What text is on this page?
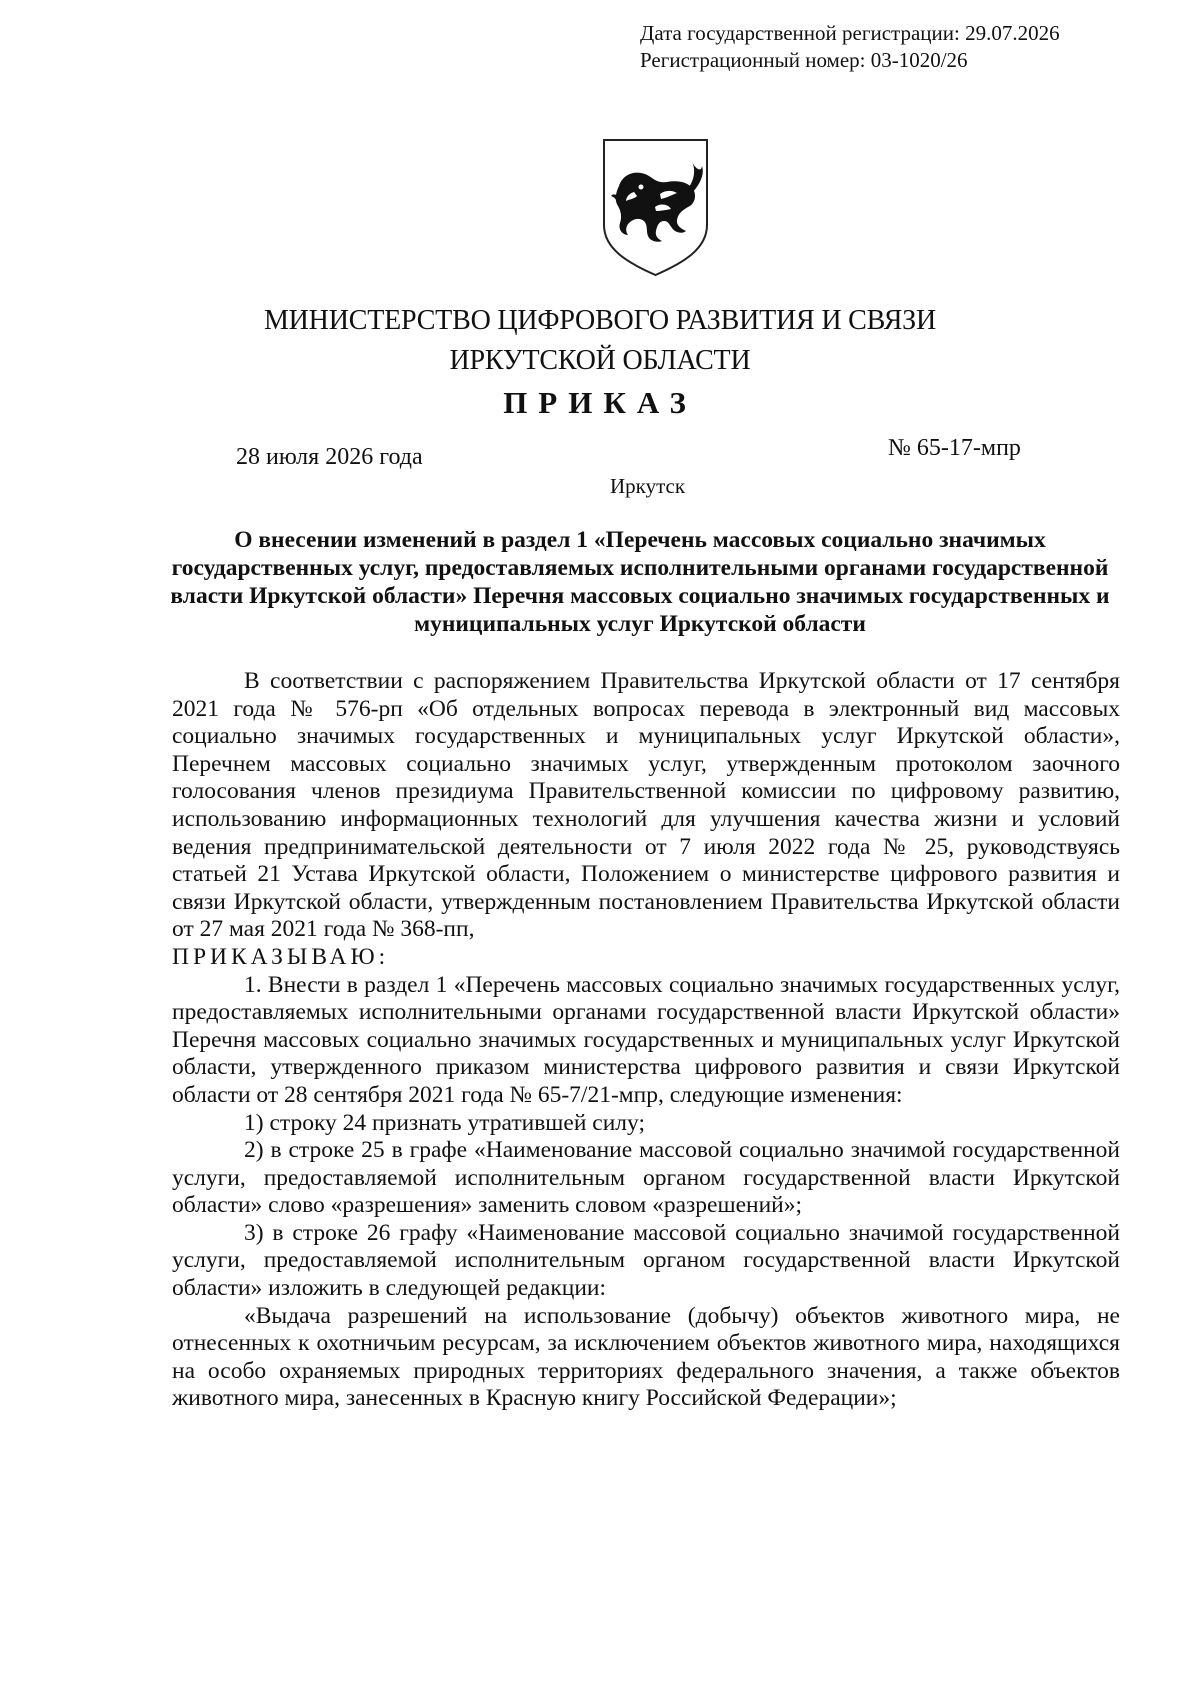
Дата государственной регистрации: 29.07.2026
Регистрационный номер: 03-1020/26
МИНИСТЕРСТВО ЦИФРОВОГО РАЗВИТИЯ И СВЯЗИ
ИРКУТСКОЙ ОБЛАСТИ
ПРИКАЗ
28 июля 2026 года	№ 65-17-мпр
Иркутск
О внесении изменений в раздел 1 «Перечень массовых социально значимых государственных услуг, предоставляемых исполнительными органами государственной власти Иркутской области» Перечня массовых социально значимых государственных и муниципальных услуг Иркутской области

В соответствии с распоряжением Правительства Иркутской области от 17 сентября 2021 года № 576-рп «Об отдельных вопросах перевода в электронный вид массовых социально значимых государственных и муниципальных услуг Иркутской области», Перечнем массовых социально значимых услуг, утвержденным протоколом заочного голосования членов президиума Правительственной комиссии по цифровому развитию, использованию информационных технологий для улучшения качества жизни и условий ведения предпринимательской деятельности от 7 июля 2022 года № 25, руководствуясь статьей 21 Устава Иркутской области, Положением о министерстве цифрового развития и связи Иркутской области, утвержденным постановлением Правительства Иркутской области от 27 мая 2021 года № 368-пп,

ПРИКАЗЫВАЮ:

1. Внести в раздел 1 «Перечень массовых социально значимых государственных услуг, предоставляемых исполнительными органами государственной власти Иркутской области» Перечня массовых социально значимых государственных и муниципальных услуг Иркутской области, утвержденного приказом министерства цифрового развития и связи Иркутской области от 28 сентября 2021 года № 65-7/21-мпр, следующие изменения:

1) строку 24 признать утратившей силу;

2) в строке 25 в графе «Наименование массовой социально значимой государственной услуги, предоставляемой исполнительным органом государственной власти Иркутской области» слово «разрешения» заменить словом «разрешений»;

3) в строке 26 графу «Наименование массовой социально значимой государственной услуги, предоставляемой исполнительным органом государственной власти Иркутской области» изложить в следующей редакции:

«Выдача разрешений на использование (добычу) объектов животного мира, не отнесенных к охотничьим ресурсам, за исключением объектов животного мира, находящихся на особо охраняемых природных территориях федерального значения, а также объектов животного мира, занесенных в Красную книгу Российской Федерации»;
